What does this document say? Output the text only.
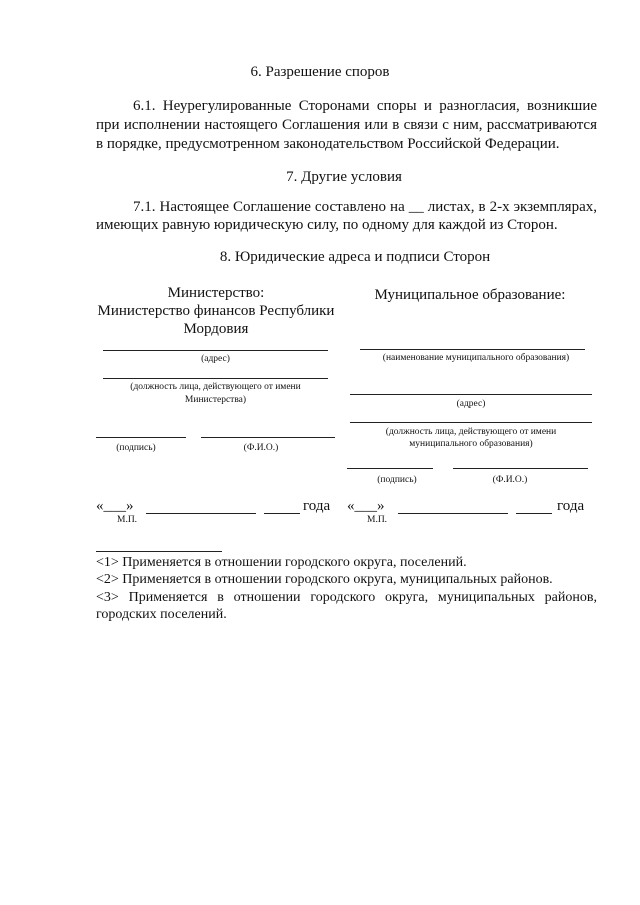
6. Разрешение споров
6.1. Неурегулированные Сторонами споры и разногласия, возникшие
при исполнении настоящего Соглашения или в связи с ним, рассматриваются
в порядке, предусмотренном законодательством Российской Федерации.
7. Другие условия
7.1. Настоящее Соглашение составлено на __ листах, в 2-х экземплярах,
имеющих равную юридическую силу, по одному для каждой из Сторон.
8. Юридические адреса и подписи Сторон
Министерство:
Министерство финансов Республики
Мордовия
(адрес)
(должность лица, действующего от имени
Министерства)
(подпись)	(Ф.И.О.)
«___»	года
М.П.
Муниципальное образование:
(наименование муниципального образования)
(адрес)
(должность лица, действующего от имени
муниципального образования)
(подпись)	(Ф.И.О.)
«___»	года
М.П.
<1> Применяется в отношении городского округа, поселений.
<2> Применяется в отношении городского округа, муниципальных районов.
<3> Применяется в отношении городского округа, муниципальных районов,
городских поселений.
